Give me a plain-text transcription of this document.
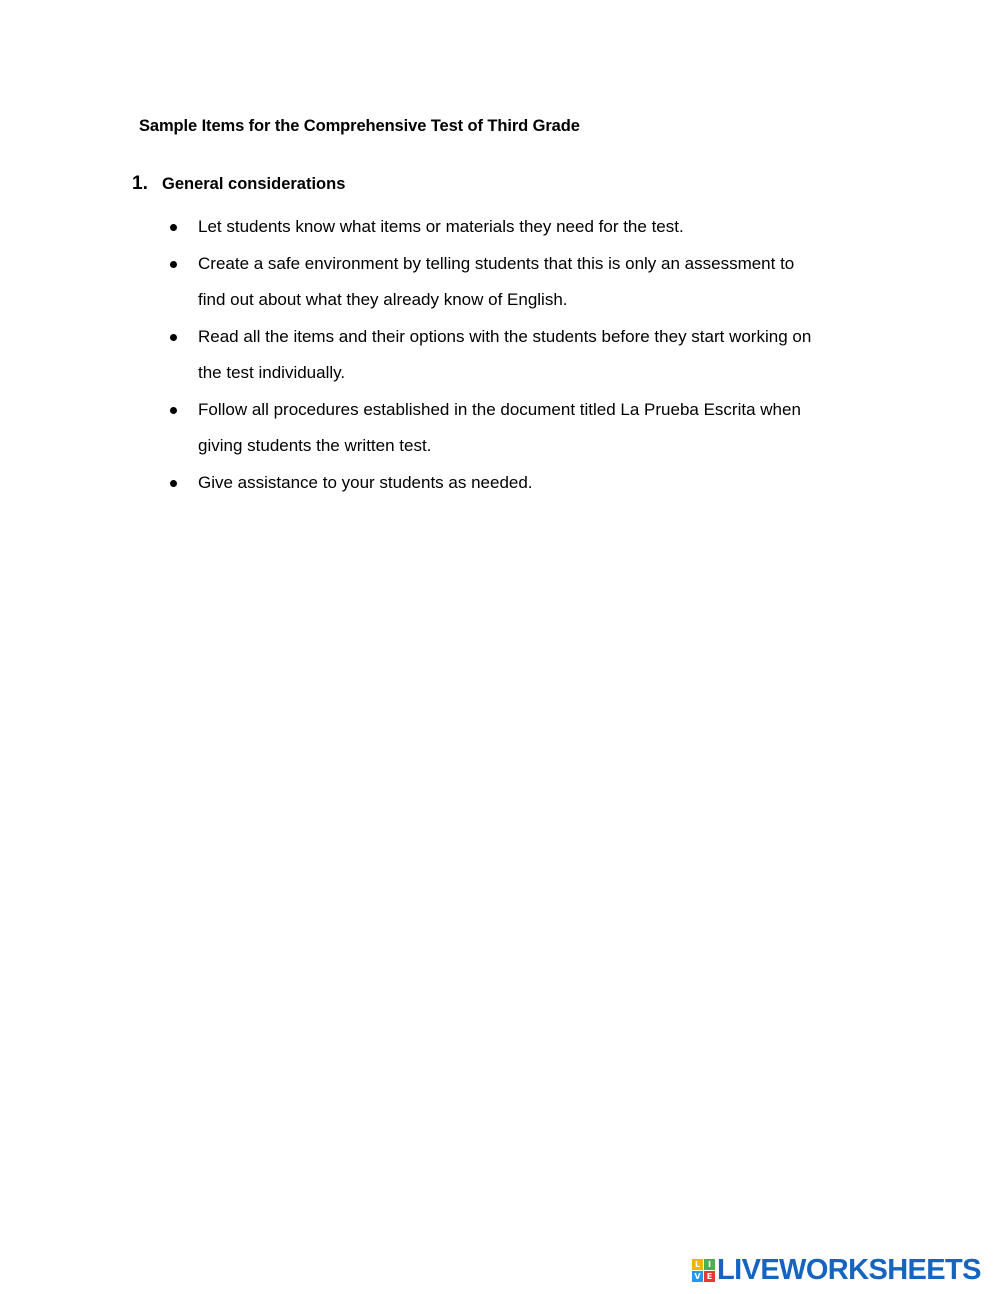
Sample Items for the Comprehensive Test of Third Grade
1. General considerations
Let students know what items or materials they need for the test.
Create a safe environment by telling students that this is only an assessment to
find out about what they already know of English.
Read all the items and their options with the students before they start working on
the test individually.
Follow all procedures established in the document titled La Prueba Escrita when
giving students the written test.
Give assistance to your students as needed.
L I
V E LIVEWORKSHEETS
